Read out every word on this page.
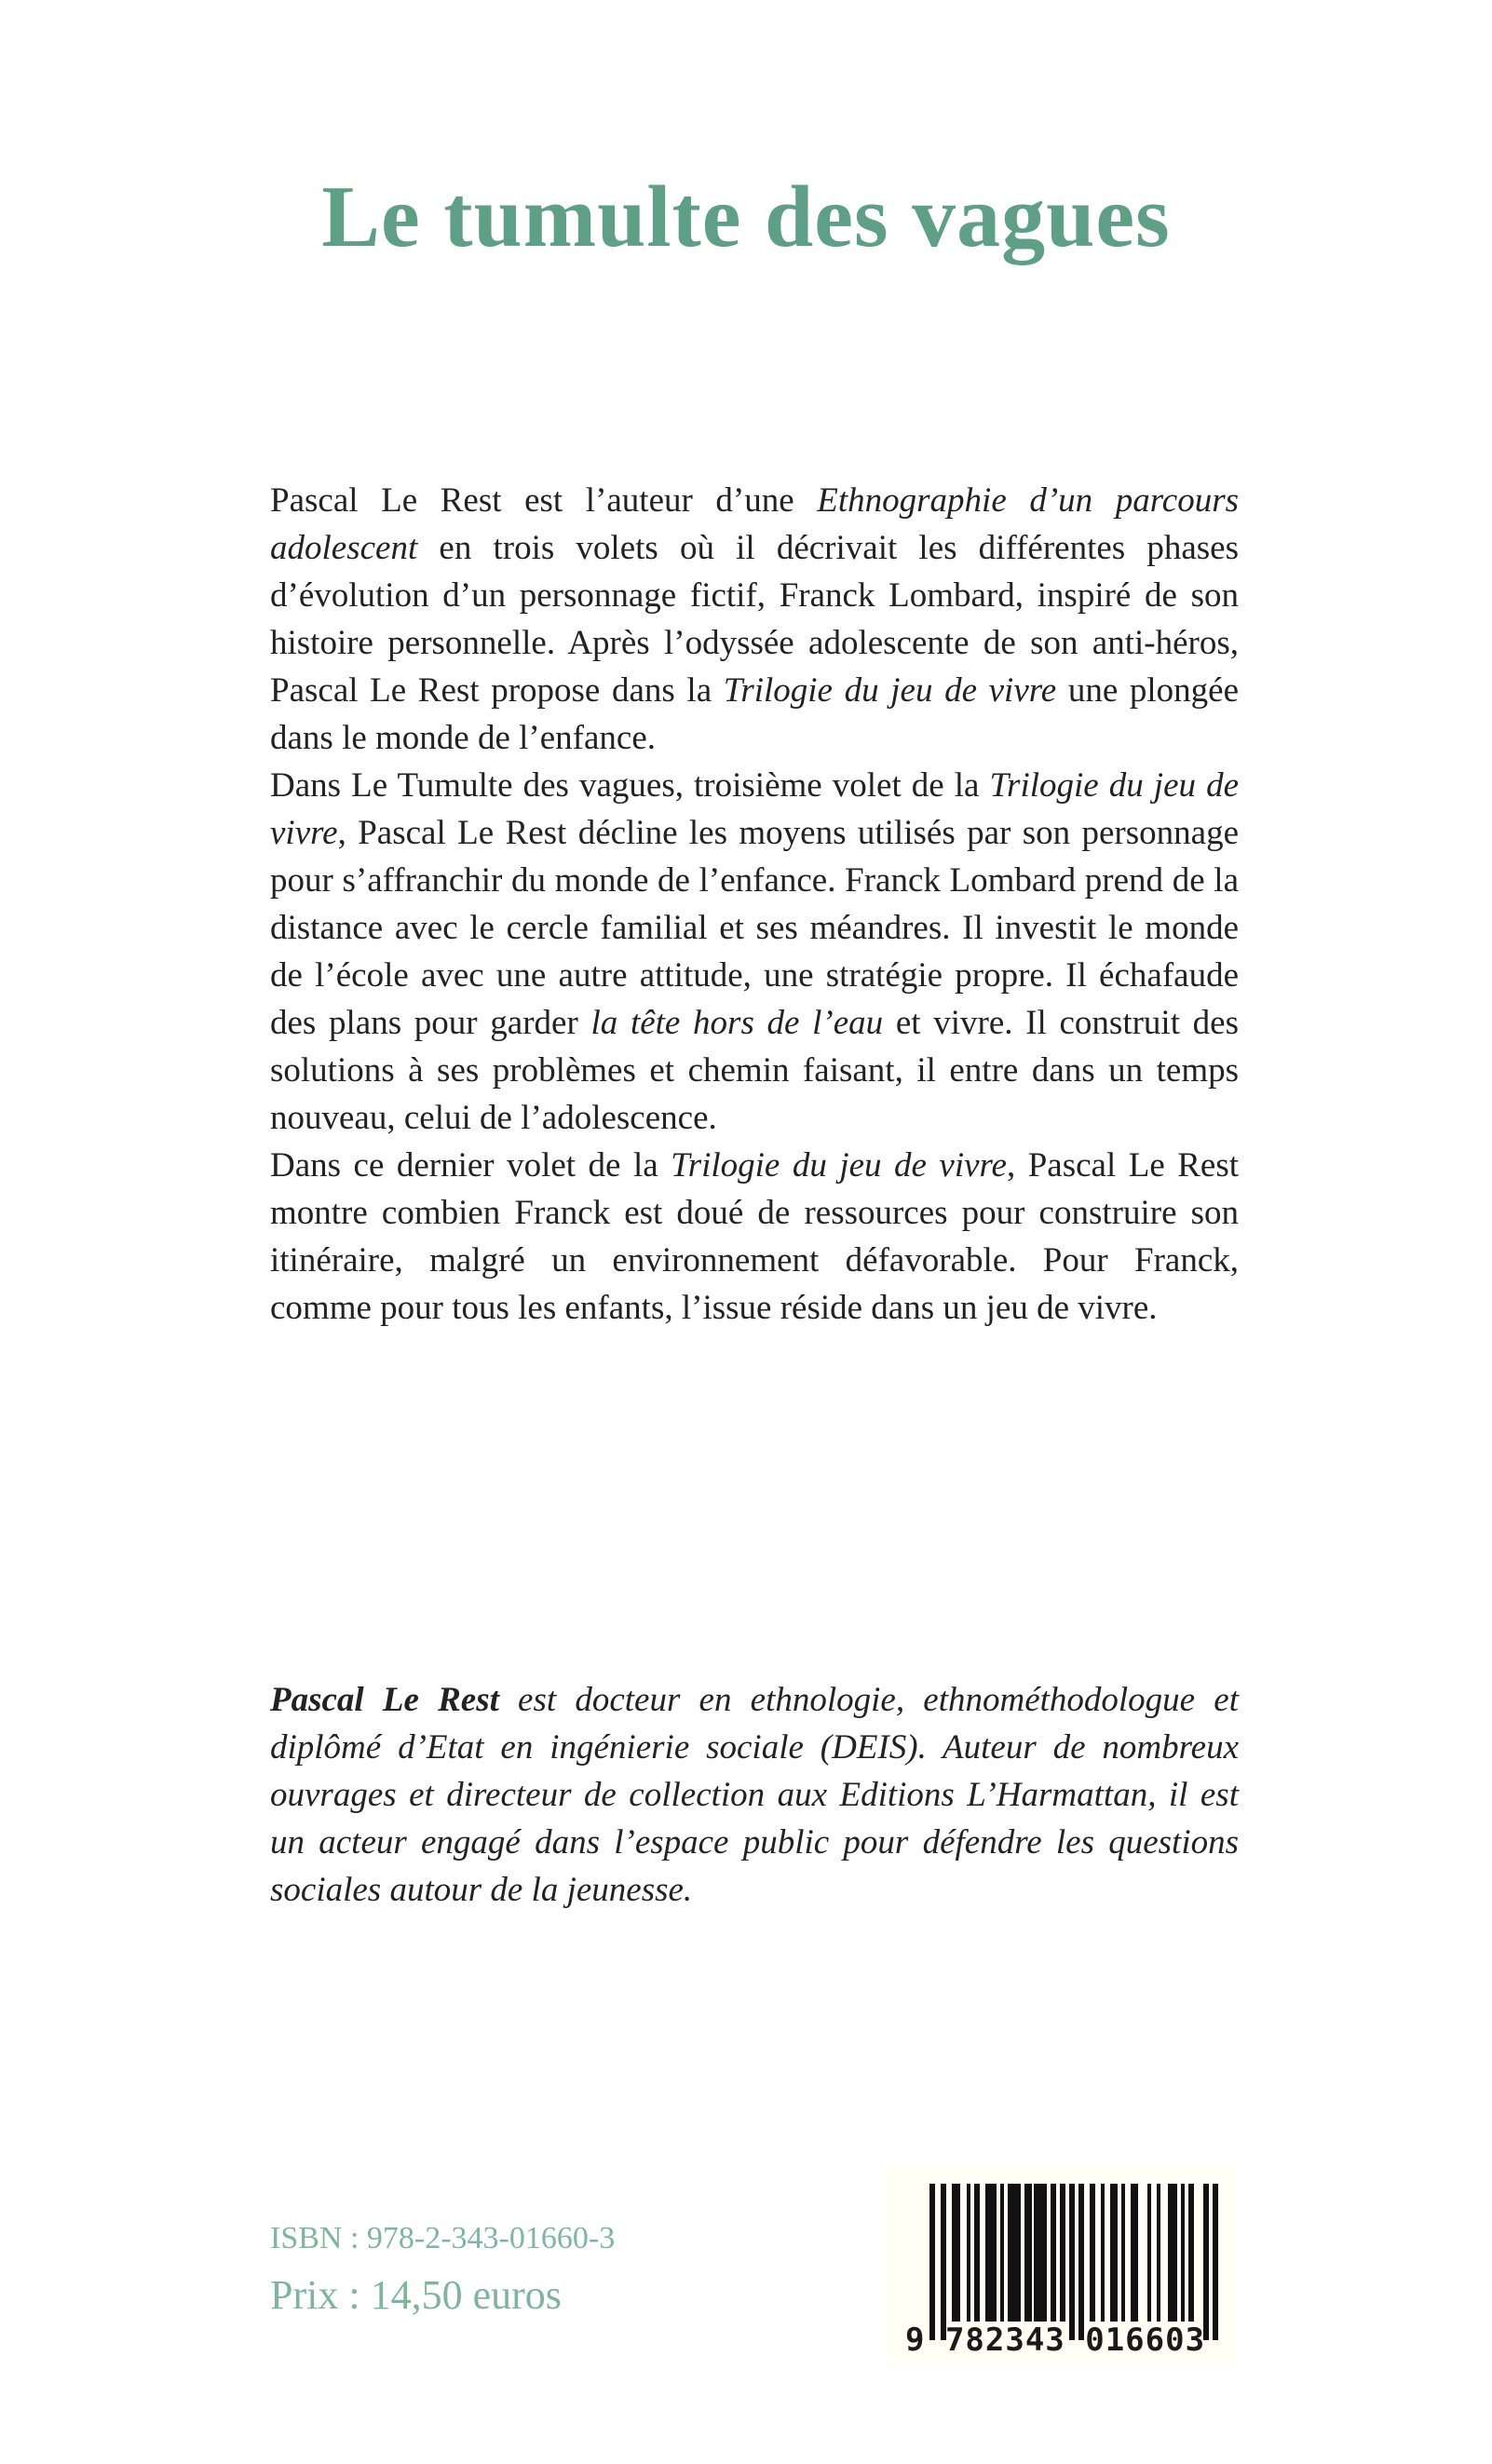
Le tumulte des vagues

Pascal Le Rest est l’auteur d’une Ethnographie d’un parcours adolescent en trois volets où il décrivait les différentes phases d’évolution d’un personnage fictif, Franck Lombard, inspiré de son histoire personnelle. Après l’odyssée adolescente de son anti-héros, Pascal Le Rest propose dans la Trilogie du jeu de vivre une plongée dans le monde de l’enfance.

Dans Le Tumulte des vagues, troisième volet de la Trilogie du jeu de vivre, Pascal Le Rest décline les moyens utilisés par son personnage pour s’affranchir du monde de l’enfance. Franck Lombard prend de la distance avec le cercle familial et ses méandres. Il investit le monde de l’école avec une autre attitude, une stratégie propre. Il échafaude des plans pour garder la tête hors de l’eau et vivre. Il construit des solutions à ses problèmes et chemin faisant, il entre dans un temps nouveau, celui de l’adolescence.

Dans ce dernier volet de la Trilogie du jeu de vivre, Pascal Le Rest montre combien Franck est doué de ressources pour construire son itinéraire, malgré un environnement défavorable. Pour Franck, comme pour tous les enfants, l’issue réside dans un jeu de vivre.

Pascal Le Rest est docteur en ethnologie, ethnométhodologue et diplômé d’Etat en ingénierie sociale (DEIS). Auteur de nombreux ouvrages et directeur de collection aux Editions L’Harmattan, il est un acteur engagé dans l’espace public pour défendre les questions sociales autour de la jeunesse.

ISBN : 978-2-343-01660-3

Prix : 14,50 euros

9 782343 016603
